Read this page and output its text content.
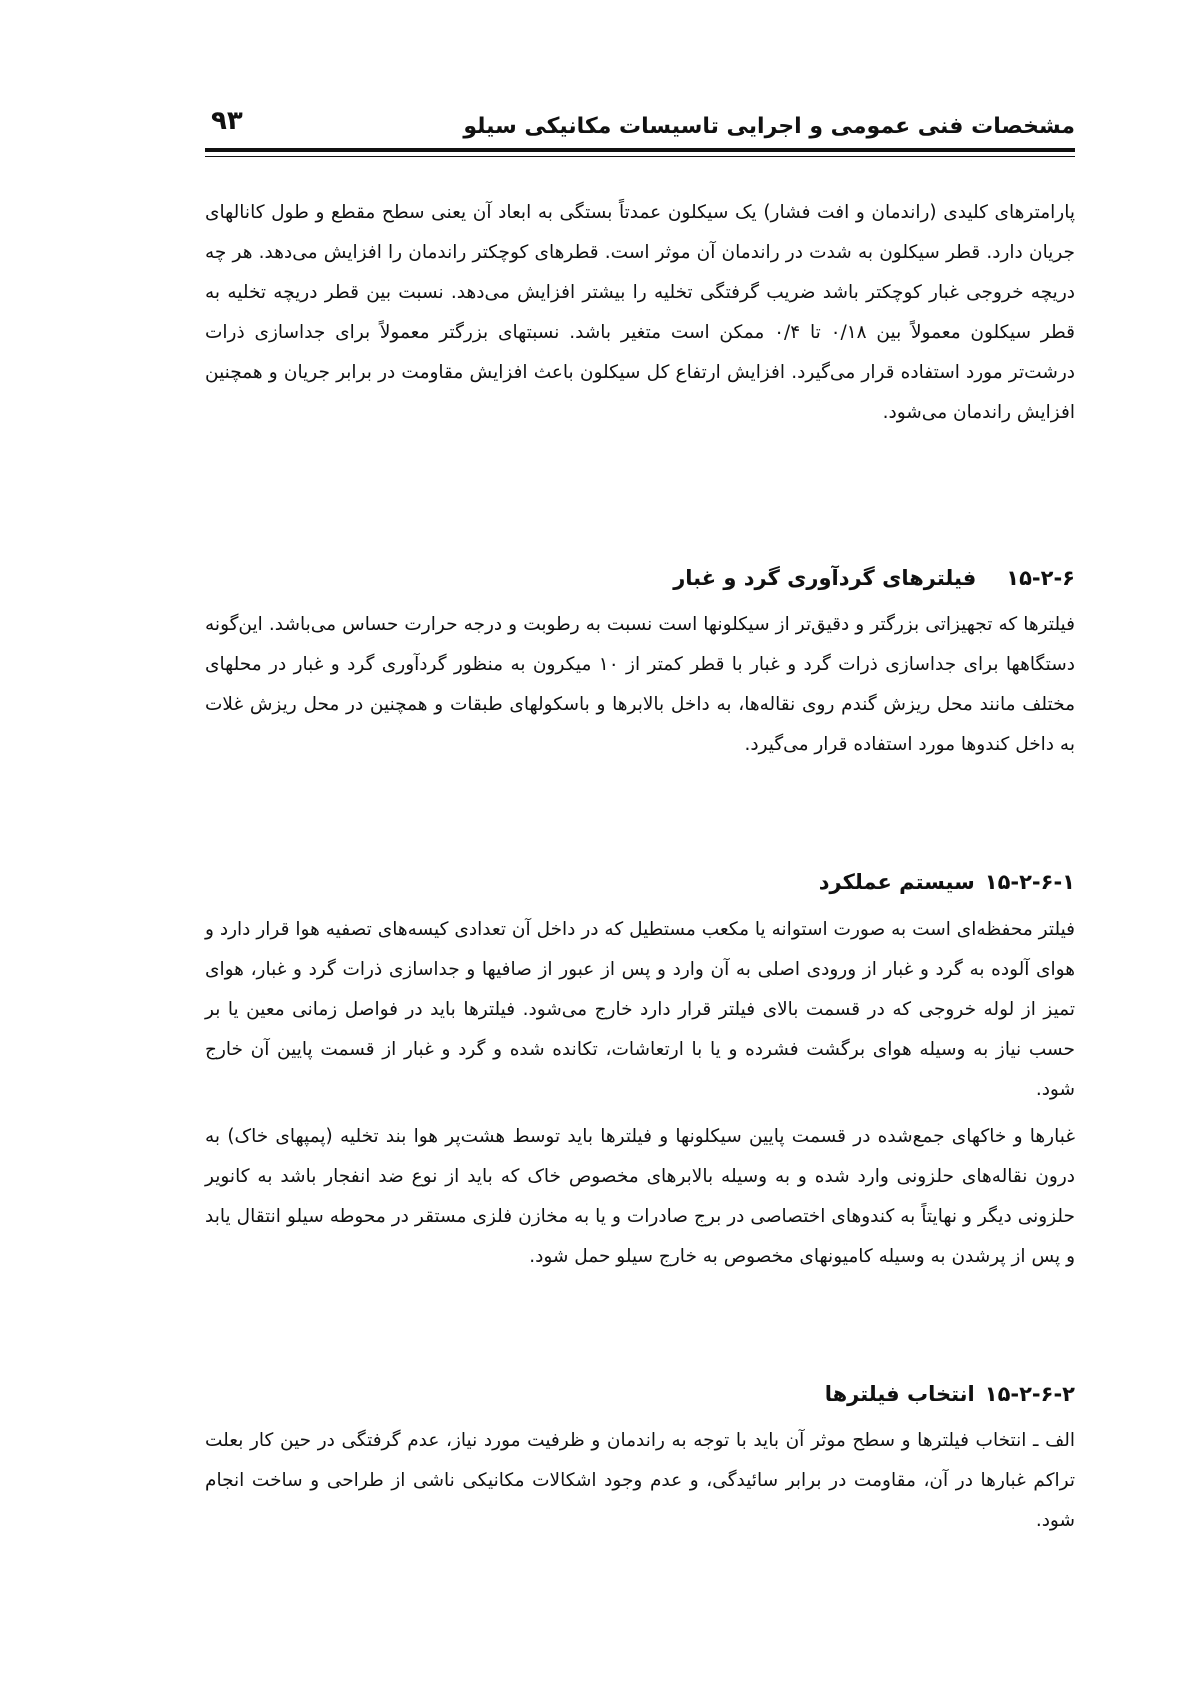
مشخصات فنی عمومی و اجرایی تاسیسات مکانیکی سیلو
۹۳
پارامترهای کلیدی (راندمان و افت فشار) یک سیکلون عمدتاً بستگی به ابعاد آن یعنی سطح مقطع و طول کانالهای جریان دارد. قطر سیکلون به شدت در راندمان آن موثر است. قطرهای کوچکتر راندمان را افزایش می‌دهد. هر چه دریچه خروجی غبار کوچکتر باشد ضریب گرفتگی تخلیه را بیشتر افزایش می‌دهد. نسبت بین قطر دریچه تخلیه به قطر سیکلون معمولاً بین ۰/۱۸ تا ۰/۴ ممکن است متغیر باشد. نسبتهای بزرگتر معمولاً برای جداسازی ذرات درشت‌تر مورد استفاده قرار می‌گیرد. افزایش ارتفاع کل سیکلون باعث افزایش مقاومت در برابر جریان و همچنین افزایش راندمان می‌شود.
۱۵-۲-۶فیلترهای گردآوری گرد و غبار
فیلترها که تجهیزاتی بزرگتر و دقیق‌تر از سیکلونها است نسبت به رطوبت و درجه حرارت حساس می‌باشد. این‌گونه دستگاهها برای جداسازی ذرات گرد و غبار با قطر کمتر از ۱۰ میکرون به منظور گردآوری گرد و غبار در محلهای مختلف مانند محل ریزش گندم روی نقاله‌ها، به داخل بالابرها و باسکولهای طبقات و همچنین در محل ریزش غلات به داخل کندوها مورد استفاده قرار می‌گیرد.
۱۵-۲-۶-۱سیستم عملکرد
فیلتر محفظه‌ای است به صورت استوانه یا مکعب مستطیل که در داخل آن تعدادی کیسه‌های تصفیه هوا قرار دارد و هوای آلوده به گرد و غبار از ورودی اصلی به آن وارد و پس از عبور از صافیها و جداسازی ذرات گرد و غبار، هوای تمیز از لوله خروجی که در قسمت بالای فیلتر قرار دارد خارج می‌شود. فیلترها باید در فواصل زمانی معین یا بر حسب نیاز به وسیله هوای برگشت فشرده و یا با ارتعاشات، تکانده شده و گرد و غبار از قسمت پایین آن خارج شود.
غبارها و خاکهای جمع‌شده در قسمت پایین سیکلونها و فیلترها باید توسط هشت‌پر هوا بند تخلیه (پمپهای خاک) به درون نقاله‌های حلزونی وارد شده و به وسیله بالابرهای مخصوص خاک که باید از نوع ضد انفجار باشد به کانویر حلزونی دیگر و نهایتاً به کندوهای اختصاصی در برج صادرات و یا به مخازن فلزی مستقر در محوطه سیلو انتقال یابد و پس از پرشدن به وسیله کامیونهای مخصوص به خارج سیلو حمل شود.
۱۵-۲-۶-۲انتخاب فیلترها
الف ـ انتخاب فیلترها و سطح موثر آن باید با توجه به راندمان و ظرفیت مورد نیاز، عدم گرفتگی در حین کار بعلت تراکم غبارها در آن، مقاومت در برابر سائیدگی، و عدم وجود اشکالات مکانیکی ناشی از طراحی و ساخت انجام شود.
